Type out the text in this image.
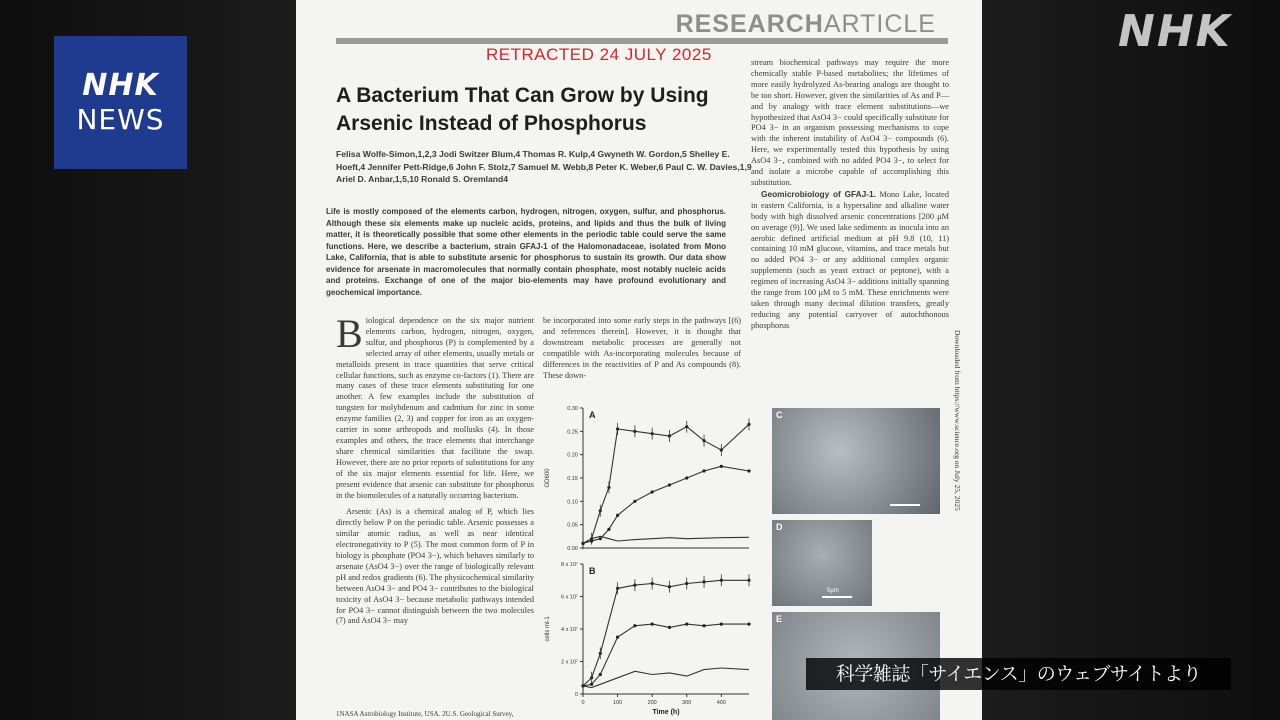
NHK
NEWS
NHK
RESEARCHARTICLE
RETRACTED 24 JULY 2025
A Bacterium That Can Grow by Using
Arsenic Instead of Phosphorus
Felisa Wolfe-Simon,1,2,3 Jodi Switzer Blum,4 Thomas R. Kulp,4 Gwyneth W. Gordon,5 Shelley E. Hoeft,4 Jennifer Pett-Ridge,6 John F. Stolz,7 Samuel M. Webb,8 Peter K. Weber,6 Paul C. W. Davies,1,9 Ariel D. Anbar,1,5,10 Ronald S. Oremland4
Life is mostly composed of the elements carbon, hydrogen, nitrogen, oxygen, sulfur, and phosphorus. Although these six elements make up nucleic acids, proteins, and lipids and thus the bulk of living matter, it is theoretically possible that some other elements in the periodic table could serve the same functions. Here, we describe a bacterium, strain GFAJ-1 of the Halomonadaceae, isolated from Mono Lake, California, that is able to substitute arsenic for phosphorus to sustain its growth. Our data show evidence for arsenate in macromolecules that normally contain phosphate, most notably nucleic acids and proteins. Exchange of one of the major bio-elements may have profound evolutionary and geochemical importance.

Biological dependence on the six major nutrient elements carbon, hydrogen, nitrogen, oxygen, sulfur, and phosphorus (P) is complemented by a selected array of other elements, usually metals or metalloids present in trace quantities that serve critical cellular functions, such as enzyme co-factors (1). There are many cases of these trace elements substituting for one another. A few examples include the substitution of tungsten for molybdenum and cadmium for zinc in some enzyme families (2, 3) and copper for iron as an oxygen-carrier in some arthropods and mollusks (4). In those examples and others, the trace elements that interchange share chemical similarities that facilitate the swap. However, there are no prior reports of substitutions for any of the six major elements essential for life. Here, we present evidence that arsenic can substitute for phosphorus in the biomolecules of a naturally occurring bacterium.

Arsenic (As) is a chemical analog of P, which lies directly below P on the periodic table. Arsenic possesses a similar atomic radius, as well as near identical electronegativity to P (5). The most common form of P in biology is phosphate (PO4 3−), which behaves similarly to arsenate (AsO4 3−) over the range of biologically relevant pH and redox gradients (6). The physicochemical similarity between AsO4 3− and PO4 3− contributes to the biological toxicity of AsO4 3− because metabolic pathways intended for PO4 3− cannot distinguish between the two molecules (7) and AsO4 3− may

be incorporated into some early steps in the pathways [(6) and references therein]. However, it is thought that downstream metabolic processes are generally not compatible with As-incorporating molecules because of differences in the reactivities of P and As compounds (8). These down-

stream biochemical pathways may require the more chemically stable P-based metabolites; the lifetimes of more easily hydrolyzed As-bearing analogs are thought to be too short. However, given the similarities of As and P—and by analogy with trace element substitutions—we hypothesized that AsO4 3− could specifically substitute for PO4 3− in an organism possessing mechanisms to cope with the inherent instability of AsO4 3− compounds (6). Here, we experimentally tested this hypothesis by using AsO4 3−, combined with no added PO4 3−, to select for and isolate a microbe capable of accomplishing this substitution.

Geomicrobiology of GFAJ-1. Mono Lake, located in eastern California, is a hypersaline and alkaline water body with high dissolved arsenic concentrations [200 μM on average (9)]. We used lake sediments as inocula into an aerobic defined artificial medium at pH 9.8 (10, 11) containing 10 mM glucose, vitamins, and trace metals but no added PO4 3− or any additional complex organic supplements (such as yeast extract or peptone), with a regimen of increasing AsO4 3− additions initially spanning the range from 100 μM to 5 mM. These enrichments were taken through many decimal dilution transfers, greatly reducing any potential carryover of autochthonous phosphorus

1NASA Astrobiology Institute, USA. 2U.S. Geological Survey,
Downloaded from https://www.science.org on July 25, 2025
A
0.00
0.05
0.10
0.15
0.20
0.25
0.30
OD600
B
0
2 x 10⁷
4 x 10⁷
6 x 10⁷
8 x 10⁷
cells ml-1
0	100	200	300	400
Time (h)
C
D
5μm
E
科学雑誌「サイエンス」のウェブサイトより
